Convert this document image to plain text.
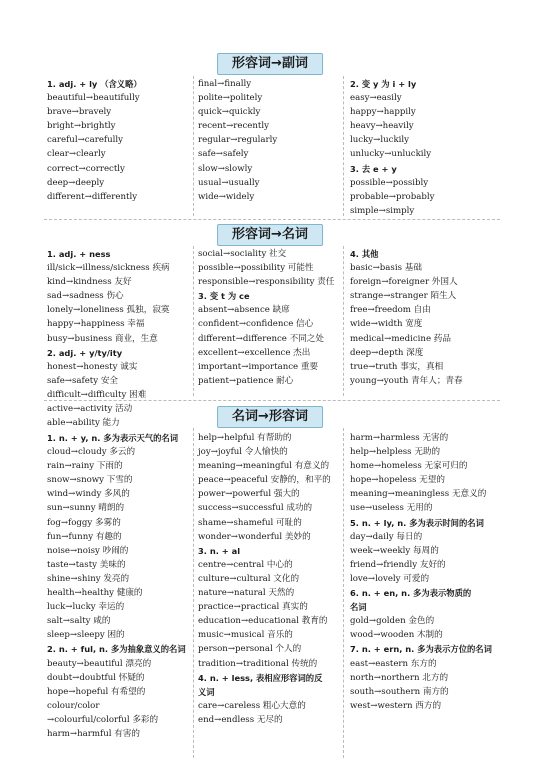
形容词→副词
形容词→名词
名词→形容词
1. adj. + ly （含义略）
beautiful→beautifully
brave→bravely
bright→brightly
careful→carefully
clear→clearly
correct→correctly
deep→deeply
different→differently
final→finally
polite→politely
quick→quickly
recent→recently
regular→regularly
safe→safely
slow→slowly
usual→usually
wide→widely
2. 变 y 为 i + ly
easy→easily
happy→happily
heavy→heavily
lucky→luckily
unlucky→unluckily
3. 去 e + y
possible→possibly
probable→probably
simple→simply
1. adj. + ness
ill/sick→illness/sickness 疾病
kind→kindness 友好
sad→sadness 伤心
lonely→loneliness 孤独，寂寞
happy→happiness 幸福
busy→business 商业，生意
2. adj. + y/ty/ity
honest→honesty 诚实
safe→safety 安全
difficult→difficulty 困难
active→activity 活动
able→ability 能力
social→sociality 社交
possible→possibility 可能性
responsible→responsibility 责任
3. 变 t 为 ce
absent→absence 缺席
confident→confidence 信心
different→difference 不同之处
excellent→excellence 杰出
important→importance 重要
patient→patience 耐心
4. 其他
basic→basis 基础
foreign→foreigner 外国人
strange→stranger 陌生人
free→freedom 自由
wide→width 宽度
medical→medicine 药品
deep→depth 深度
true→truth 事实，真相
young→youth 青年人；青春
1. n. + y, n. 多为表示天气的名词
cloud→cloudy 多云的
rain→rainy 下雨的
snow→snowy 下雪的
wind→windy 多风的
sun→sunny 晴朗的
fog→foggy 多雾的
fun→funny 有趣的
noise→noisy 吵闹的
taste→tasty 美味的
shine→shiny 发亮的
health→healthy 健康的
luck→lucky 幸运的
salt→salty 咸的
sleep→sleepy 困的
2. n. + ful, n. 多为抽象意义的名词
beauty→beautiful 漂亮的
doubt→doubtful 怀疑的
hope→hopeful 有希望的
colour/color
→colourful/colorful 多彩的
harm→harmful 有害的
help→helpful 有帮助的
joy→joyful 令人愉快的
meaning→meaningful 有意义的
peace→peaceful 安静的，和平的
power→powerful 强大的
success→successful 成功的
shame→shameful 可耻的
wonder→wonderful 美妙的
3. n. + al
centre→central 中心的
culture→cultural 文化的
nature→natural 天然的
practice→practical 真实的
education→educational 教育的
music→musical 音乐的
person→personal 个人的
tradition→traditional 传统的
4. n. + less, 表相应形容词的反
义词
care→careless 粗心大意的
end→endless 无尽的
harm→harmless 无害的
help→helpless 无助的
home→homeless 无家可归的
hope→hopeless 无望的
meaning→meaningless 无意义的
use→useless 无用的
5. n. + ly, n. 多为表示时间的名词
day→daily 每日的
week→weekly 每周的
friend→friendly 友好的
love→lovely 可爱的
6. n. + en, n. 多为表示物质的
名词
gold→golden 金色的
wood→wooden 木制的
7. n. + ern, n. 多为表示方位的名词
east→eastern 东方的
north→northern 北方的
south→southern 南方的
west→western 西方的
